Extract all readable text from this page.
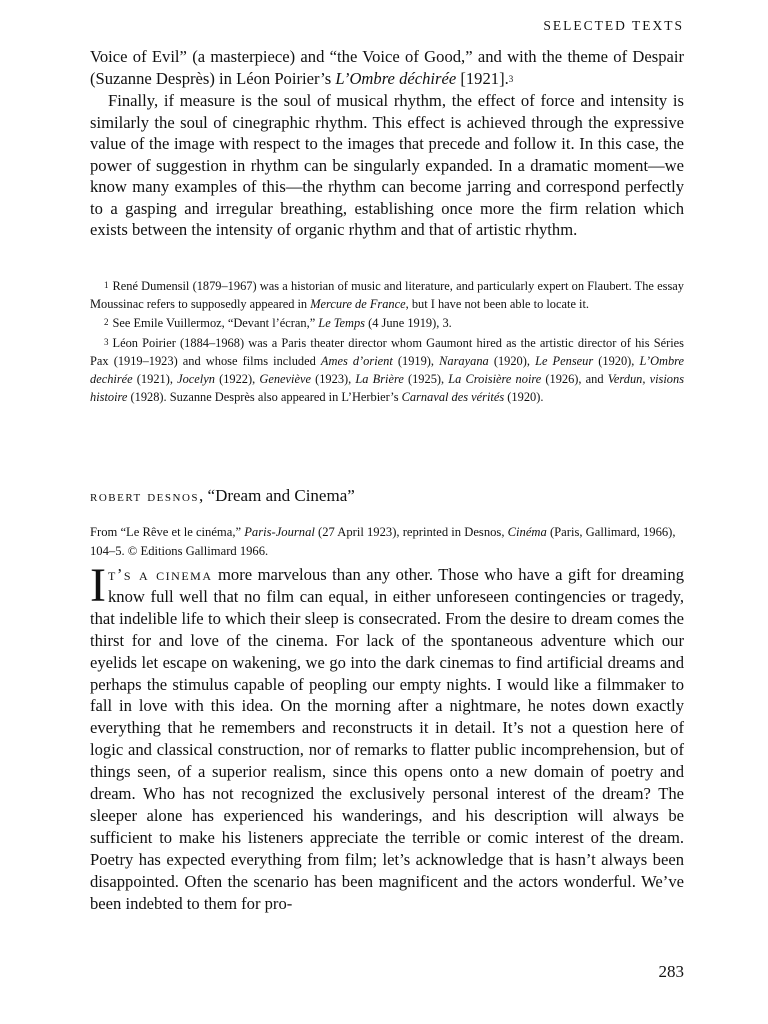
SELECTED TEXTS

Voice of Evil” (a masterpiece) and “the Voice of Good,” and with the theme of Despair (Suzanne Desprès) in Léon Poirier’s L’Ombre déchirée [1921].$^3$

Finally, if measure is the soul of musical rhythm, the effect of force and intensity is similarly the soul of cinegraphic rhythm. This effect is achieved through the expressive value of the image with respect to the images that precede and follow it. In this case, the power of suggestion in rhythm can be singularly expanded. In a dramatic moment—we know many examples of this—the rhythm can become jarring and correspond perfectly to a gasping and irregular breathing, establishing once more the firm relation which exists between the intensity of organic rhythm and that of artistic rhythm.

1 René Dumensil (1879–1967) was a historian of music and literature, and particularly expert on Flaubert. The essay Moussinac refers to supposedly appeared in Mercure de France, but I have not been able to locate it.

2 See Emile Vuillermoz, “Devant l’écran,” Le Temps (4 June 1919), 3.

3 Léon Poirier (1884–1968) was a Paris theater director whom Gaumont hired as the artistic director of his Séries Pax (1919–1923) and whose films included Ames d’orient (1919), Narayana (1920), Le Penseur (1920), L’Ombre dechirée (1921), Jocelyn (1922), Geneviève (1923), La Brière (1925), La Croisière noire (1926), and Verdun, visions histoire (1928). Suzanne Desprès also appeared in L’Herbier’s Carnaval des vérités (1920).

robert desnos, “Dream and Cinema”

From “Le Rêve et le cinéma,” Paris-Journal (27 April 1923), reprinted in Desnos, Cinéma (Paris, Gallimard, 1966), 104–5. © Editions Gallimard 1966.

It’s a cinema more marvelous than any other. Those who have a gift for dreaming know full well that no film can equal, in either unforeseen contingencies or tragedy, that indelible life to which their sleep is consecrated. From the desire to dream comes the thirst for and love of the cinema. For lack of the spontaneous adventure which our eyelids let escape on wakening, we go into the dark cinemas to find artificial dreams and perhaps the stimulus capable of peopling our empty nights. I would like a filmmaker to fall in love with this idea. On the morning after a nightmare, he notes down exactly everything that he remembers and reconstructs it in detail. It’s not a question here of logic and classical construction, nor of remarks to flatter public incomprehension, but of things seen, of a superior realism, since this opens onto a new domain of poetry and dream. Who has not recognized the exclusively personal interest of the dream? The sleeper alone has experienced his wanderings, and his description will always be sufficient to make his listeners appreciate the terrible or comic interest of the dream. Poetry has expected everything from film; let’s acknowledge that is hasn’t always been disappointed. Often the scenario has been magnificent and the actors wonderful. We’ve been indebted to them for pro-

283
